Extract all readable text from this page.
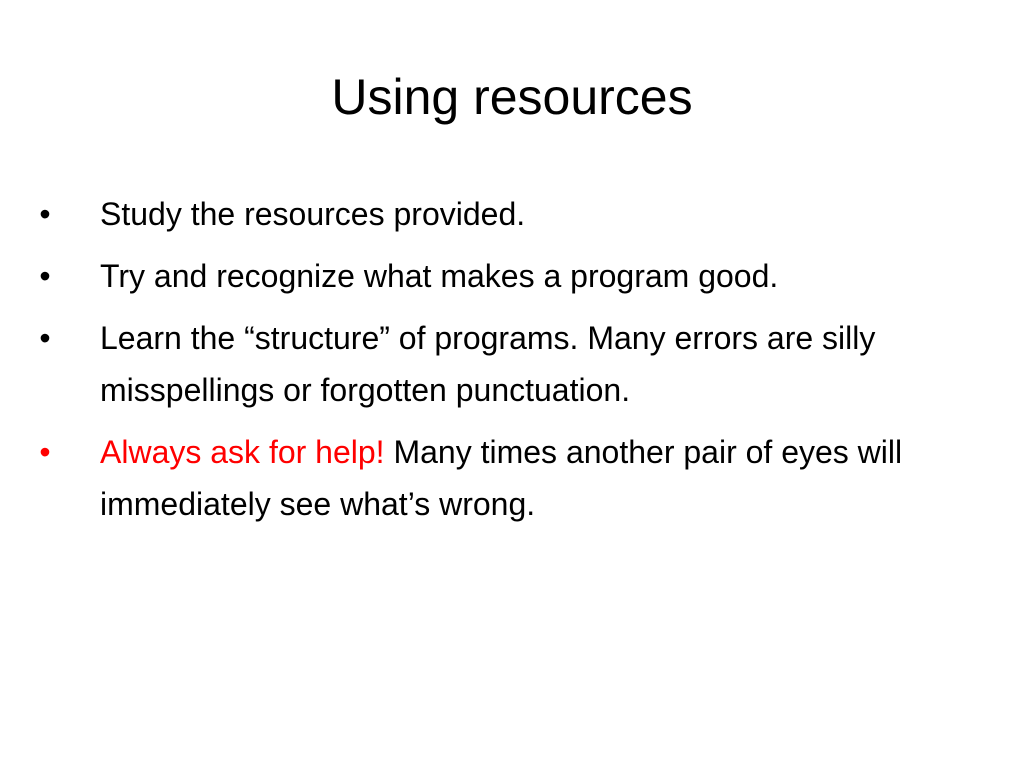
Using resources
• Study the resources provided.
• Try and recognize what makes a program good.
• Learn the “structure” of programs. Many errors are silly misspellings or forgotten punctuation.
• Always ask for help! Many times another pair of eyes will immediately see what’s wrong.
